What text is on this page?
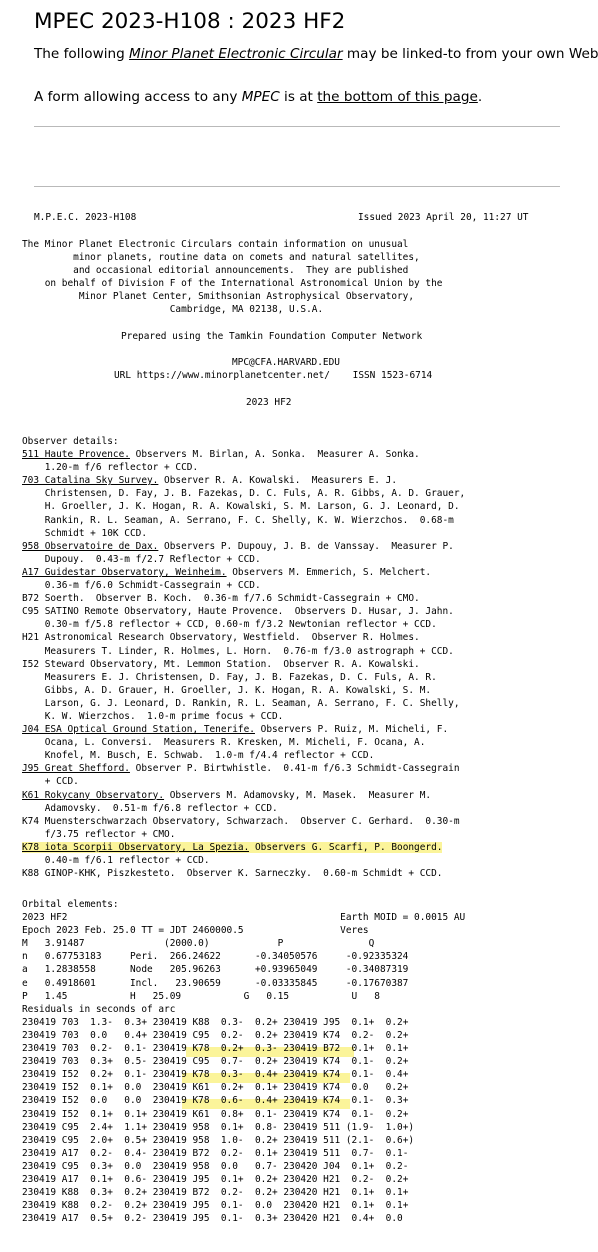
MPEC 2023-H108 : 2023 HF2
The following Minor Planet Electronic Circular may be linked-to from your own Web
A form allowing access to any MPEC is at the bottom of this page.
M.P.E.C. 2023-H108	Issued 2023 April 20, 11:27 UT
The Minor Planet Electronic Circulars contain information on unusual
minor planets, routine data on comets and natural satellites,
and occasional editorial announcements.  They are published
on behalf of Division F of the International Astronomical Union by the
Minor Planet Center, Smithsonian Astrophysical Observatory,
Cambridge, MA 02138, U.S.A.
Prepared using the Tamkin Foundation Computer Network
MPC@CFA.HARVARD.EDU
URL https://www.minorplanetcenter.net/    ISSN 1523-6714
2023 HF2
Observer details:
511 Haute Provence. Observers M. Birlan, A. Sonka.  Measurer A. Sonka.
1.20-m f/6 reflector + CCD.
703 Catalina Sky Survey. Observer R. A. Kowalski.  Measurers E. J.
Christensen, D. Fay, J. B. Fazekas, D. C. Fuls, A. R. Gibbs, A. D. Grauer,
H. Groeller, J. K. Hogan, R. A. Kowalski, S. M. Larson, G. J. Leonard, D.
Rankin, R. L. Seaman, A. Serrano, F. C. Shelly, K. W. Wierzchos.  0.68-m
Schmidt + 10K CCD.
958 Observatoire de Dax. Observers P. Dupouy, J. B. de Vanssay.  Measurer P.
Dupouy.  0.43-m f/2.7 Reflector + CCD.
A17 Guidestar Observatory, Weinheim. Observers M. Emmerich, S. Melchert.
0.36-m f/6.0 Schmidt-Cassegrain + CCD.
B72 Soerth.  Observer B. Koch.  0.36-m f/7.6 Schmidt-Cassegrain + CMO.
C95 SATINO Remote Observatory, Haute Provence.  Observers D. Husar, J. Jahn.
0.30-m f/5.8 reflector + CCD, 0.60-m f/3.2 Newtonian reflector + CCD.
H21 Astronomical Research Observatory, Westfield.  Observer R. Holmes.
Measurers T. Linder, R. Holmes, L. Horn.  0.76-m f/3.0 astrograph + CCD.
I52 Steward Observatory, Mt. Lemmon Station.  Observer R. A. Kowalski.
Measurers E. J. Christensen, D. Fay, J. B. Fazekas, D. C. Fuls, A. R.
Gibbs, A. D. Grauer, H. Groeller, J. K. Hogan, R. A. Kowalski, S. M.
Larson, G. J. Leonard, D. Rankin, R. L. Seaman, A. Serrano, F. C. Shelly,
K. W. Wierzchos.  1.0-m prime focus + CCD.
J04 ESA Optical Ground Station, Tenerife. Observers P. Ruiz, M. Micheli, F.
Ocana, L. Conversi.  Measurers R. Kresken, M. Micheli, F. Ocana, A.
Knofel, M. Busch, E. Schwab.  1.0-m f/4.4 reflector + CCD.
J95 Great Shefford. Observer P. Birtwhistle.  0.41-m f/6.3 Schmidt-Cassegrain
+ CCD.
K61 Rokycany Observatory. Observers M. Adamovsky, M. Masek.  Measurer M.
Adamovsky.  0.51-m f/6.8 reflector + CCD.
K74 Muensterschwarzach Observatory, Schwarzach.  Observer C. Gerhard.  0.30-m
f/3.75 reflector + CMO.
K78 iota Scorpii Observatory, La Spezia. Observers G. Scarfi, P. Boongerd.
0.40-m f/6.1 reflector + CCD.
K88 GINOP-KHK, Piszkesteto.  Observer K. Sarneczky.  0.60-m Schmidt + CCD.

Orbital elements:
2023 HF2                                                Earth MOID = 0.0015 AU
Epoch 2023 Feb. 25.0 TT = JDT 2460000.5                 Veres
M   3.91487              (2000.0)            P               Q
n   0.67753183     Peri.  266.24622      -0.34050576     -0.92335324
a   1.2838558      Node   205.96263      +0.93965049     -0.34087319
e   0.4918601      Incl.   23.90659      -0.03335845     -0.17670387
P   1.45           H   25.09           G   0.15           U   8
Residuals in seconds of arc
230419 703  1.3-  0.3+ 230419 K88  0.3-  0.2+ 230419 J95  0.1+  0.2+
230419 703  0.0   0.4+ 230419 C95  0.2-  0.2+ 230419 K74  0.2-  0.2+
230419 703  0.2-  0.1- 230419 K78  0.2+  0.3- 230419 B72  0.1+  0.1+
230419 703  0.3+  0.5- 230419 C95  0.7-  0.2+ 230419 K74  0.1-  0.2+
230419 I52  0.2+  0.1- 230419 K78  0.3-  0.4+ 230419 K74  0.1-  0.4+
230419 I52  0.1+  0.0  230419 K61  0.2+  0.1+ 230419 K74  0.0   0.2+
230419 I52  0.0   0.0  230419 K78  0.6-  0.4+ 230419 K74  0.1-  0.3+
230419 I52  0.1+  0.1+ 230419 K61  0.8+  0.1- 230419 K74  0.1-  0.2+
230419 C95  2.4+  1.1+ 230419 958  0.1+  0.8- 230419 511 (1.9-  1.0+)
230419 C95  2.0+  0.5+ 230419 958  1.0-  0.2+ 230419 511 (2.1-  0.6+)
230419 A17  0.2-  0.4- 230419 B72  0.2-  0.1+ 230419 511  0.7-  0.1-
230419 C95  0.3+  0.0  230419 958  0.0   0.7- 230420 J04  0.1+  0.2-
230419 A17  0.1+  0.6- 230419 J95  0.1+  0.2+ 230420 H21  0.2-  0.2+
230419 K88  0.3+  0.2+ 230419 B72  0.2-  0.2+ 230420 H21  0.1+  0.1+
230419 K88  0.2-  0.2+ 230419 J95  0.1-  0.0  230420 H21  0.1+  0.1+
230419 A17  0.5+  0.2- 230419 J95  0.1-  0.3+ 230420 H21  0.4+  0.0
